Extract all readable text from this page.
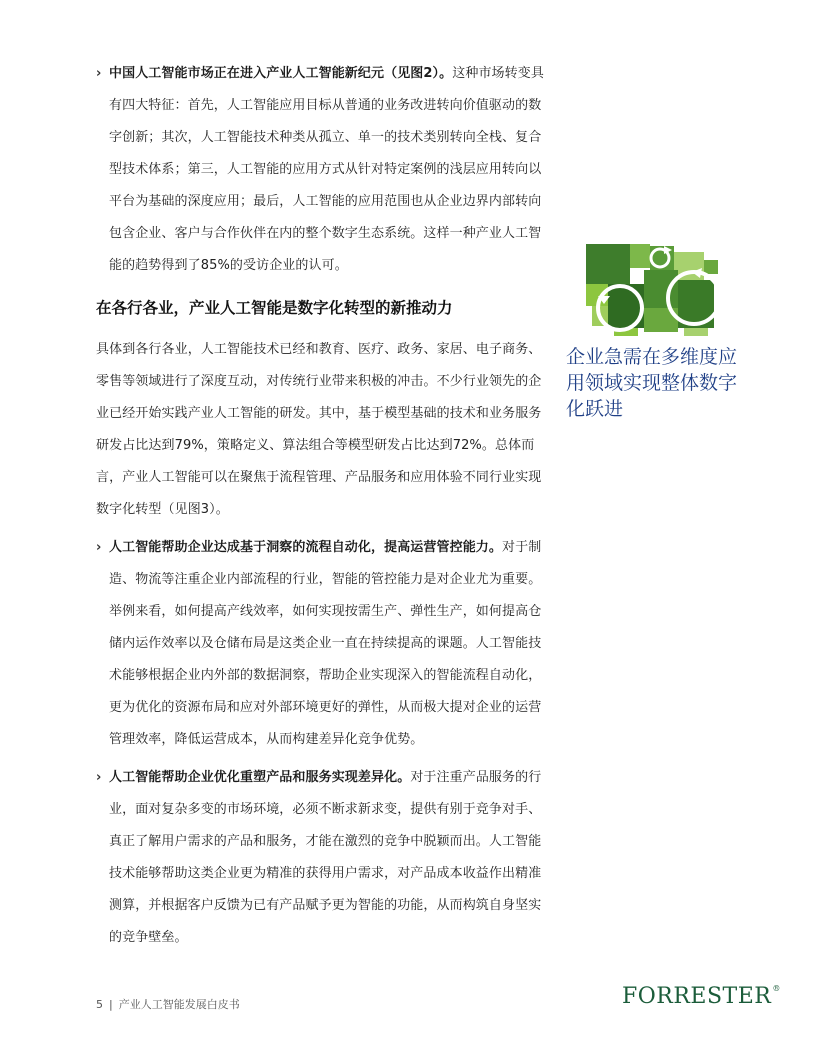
› 中国人工智能市场正在进入产业人工智能新纪元（见图2）。这种市场转变具有四大特征：首先，人工智能应用目标从普通的业务改进转向价值驱动的数字创新；其次，人工智能技术种类从孤立、单一的技术类别转向全栈、复合型技术体系；第三，人工智能的应用方式从针对特定案例的浅层应用转向以平台为基础的深度应用；最后，人工智能的应用范围也从企业边界内部转向包含企业、客户与合作伙伴在内的整个数字生态系统。这样一种产业人工智能的趋势得到了85%的受访企业的认可。
在各行各业，产业人工智能是数字化转型的新推动力
具体到各行各业，人工智能技术已经和教育、医疗、政务、家居、电子商务、零售等领域进行了深度互动，对传统行业带来积极的冲击。不少行业领先的企业已经开始实践产业人工智能的研发。其中，基于模型基础的技术和业务服务研发占比达到79%，策略定义、算法组合等模型研发占比达到72%。总体而言，产业人工智能可以在聚焦于流程管理、产品服务和应用体验不同行业实现数字化转型（见图3）。
› 人工智能帮助企业达成基于洞察的流程自动化，提高运营管控能力。对于制造、物流等注重企业内部流程的行业，智能的管控能力是对企业尤为重要。举例来看，如何提高产线效率，如何实现按需生产、弹性生产，如何提高仓储内运作效率以及仓储布局是这类企业一直在持续提高的课题。人工智能技术能够根据企业内外部的数据洞察，帮助企业实现深入的智能流程自动化，更为优化的资源布局和应对外部环境更好的弹性，从而极大提对企业的运营管理效率，降低运营成本，从而构建差异化竞争优势。
› 人工智能帮助企业优化重塑产品和服务实现差异化。对于注重产品服务的行业，面对复杂多变的市场环境，必须不断求新求变，提供有别于竞争对手、真正了解用户需求的产品和服务，才能在激烈的竞争中脱颖而出。人工智能技术能够帮助这类企业更为精准的获得用户需求，对产品成本收益作出精准测算，并根据客户反馈为已有产品赋予更为智能的功能，从而构筑自身坚实的竞争壁垒。
企业急需在多维度应用领域实现整体数字化跃进
5 | 产业人工智能发展白皮书	FORRESTER®
